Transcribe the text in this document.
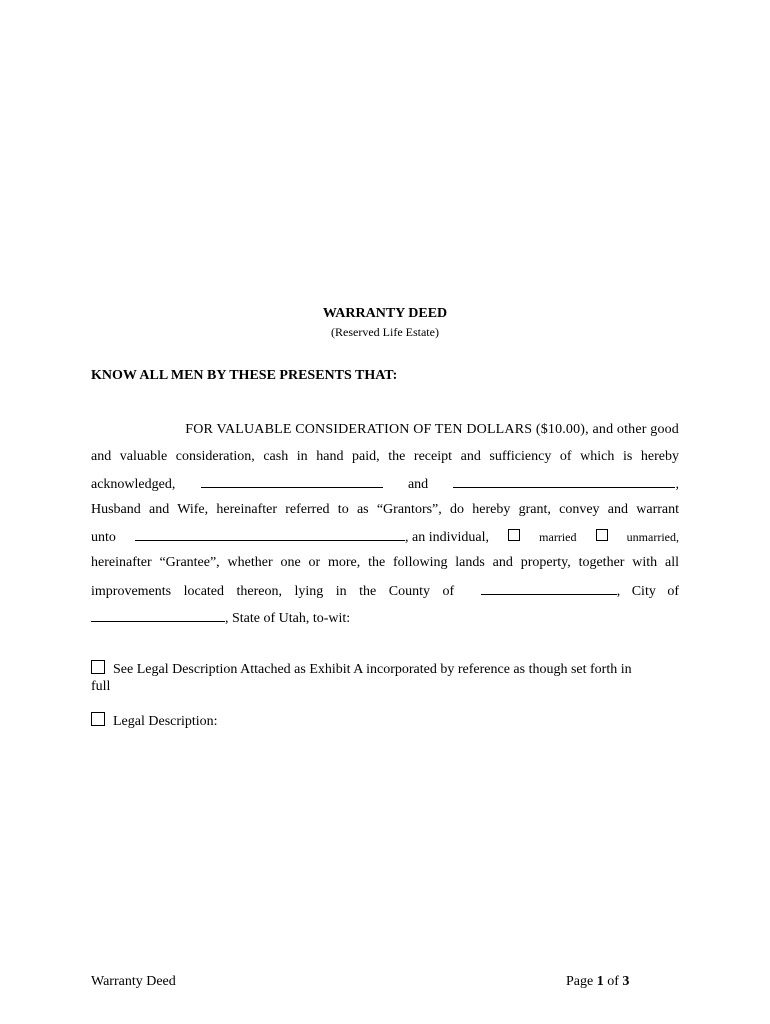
WARRANTY DEED
(Reserved Life Estate)
KNOW ALL MEN BY THESE PRESENTS THAT:
FOR VALUABLE CONSIDERATION OF TEN DOLLARS ($10.00), and other good
and valuable consideration, cash in hand paid, the receipt and sufficiency of which is hereby
acknowledged,	and	,
Husband and Wife, hereinafter referred to as “Grantors”, do hereby grant, convey and warrant
unto	, an individual,	married	unmarried,
hereinafter “Grantee”, whether one or more, the following lands and property, together with all
improvements located thereon, lying in the County of	, City of
, State of Utah, to-wit:
See Legal Description Attached as Exhibit A incorporated by reference as though set forth in
full
Legal Description:
Warranty Deed	Page 1 of 3
